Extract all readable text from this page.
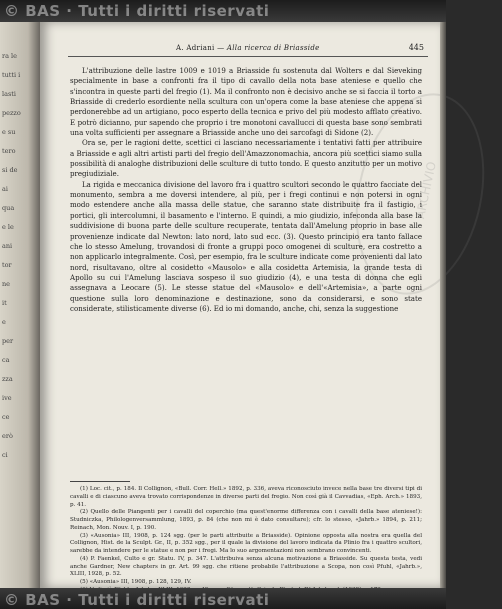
© BAS · Tutti i diritti riservati
ra le
tutti i
lasti
pezzo
e su
tero
si de
ai
qua
e le
ani
tor
ne
it
e
per
ca
zza
ive
ce
erò
ci
A. Adriani — Alla ricerca di Briasside	445
ARCHIVIO

L'attribuzione delle lastre 1009 e 1019 a Briasside fu sostenuta dal Wolters e dal Sieveking specialmente in base a confronti fra il tipo di cavallo della nota base ateniese e quello che s'incontra in queste parti del fregio (1). Ma il confronto non è decisivo anche se si faccia il torto a Briasside di crederlo esordiente nella scultura con un'opera come la base ateniese che appena si perdonerebbe ad un artigiano, poco esperto della tecnica e privo del più modesto afflato creativo. E potrò dicianno, pur sapendo che proprio i tre monotoni cavallucci di questa base sono sembrati una volta sufficienti per assegnare a Briasside anche uno dei sarcofagi di Sidone (2).

Ora se, per le ragioni dette, scettici ci lasciano necessariamente i tentativi fatti per attribuire a Briasside e agli altri artisti parti del fregio dell'Amazzonomachia, ancora più scettici siamo sulla possibilità di analoghe distribuzioni delle sculture di tutto tondo. E questo anzitutto per un motivo pregiudiziale.

La rigida e meccanica divisione del lavoro fra i quattro scultori secondo le quattro facciate del monumento, sembra a me doversi intendere, al più, per i fregi continui e non potersi in ogni modo estendere anche alla massa delle statue, che saranno state distribuite fra il fastigio, i portici, gli intercolumni, il basamento e l'interno. E quindi, a mio giudizio, infeconda alla base la suddivisione di buona parte delle sculture recuperate, tentata dall'Amelung proprio in base alle provenienze indicate dal Newton: lato nord, lato sud ecc. (3). Questo principio era tanto fallace che lo stesso Amelung, trovandosi di fronte a gruppi poco omogenei di sculture, era costretto a non applicarlo integralmente. Così, per esempio, fra le sculture indicate come provenienti dal lato nord, risultavano, oltre al cosidetto «Mausolo» e alla cosidetta Artemisia, la grande testa di Apollo su cui l'Amelung lasciava sospeso il suo giudizio (4), e una testa di donna che egli assegnava a Leocare (5). Le stesse statue del «Mausolo» e dell'«Artemisia», a parte ogni questione sulla loro denominazione e destinazione, sono da considerarsi, e sono state considerate, stilisticamente diverse (6). Ed io mi domando, anche, chi, senza la suggestione

(1) Loc. cit., p. 184. Il Collignon, «Bull. Corr. Hell.» 1892, p. 336, aveva riconosciuto invece nella base tre diversi tipi di cavalli e di ciascuno aveva trovato corrispondenze in diverse parti del fregio. Non così già il Cavvadias, «Eph. Arch.» 1893, p. 41.

(2) Quello delle Piangenti per i cavalli del coperchio (ma quest'enorme differenza con i cavalli della base ateniese!): Studniczka, Philologenversammlung, 1893, p. 84 (che non mi è dato consultare); cfr. lo stesso, «Jahrb.» 1894, p. 211; Reinach, Mon. Nouv. I, p. 190.

(3) «Ausonia» III, 1908, p. 124 sgg. (per le parti attribuite a Briasside). Opinione opposta alla nostra era quella del Collignon, Hist. de la Sculpt. Gr., II, p. 352 sgg., per il quale la divisione del lavoro indicata da Plinio fra i quattro scultori, sarebbe da intendere per le statue e non per i fregi. Ma lo suo argomentazioni non sembrano convincenti.

(4) P. Faenkel, Culto e gr. Statu. IV, p. 347. L'attribuiva senza alcuna motivazione a Briasside. Su questa testa, vedi anche Gardner, New chapters in gr. Art. 99 sgg. che ritiene probabile l'attribuzione a Scopa, non così Pfuhl, «Jahrb.», XLIII, 1928, p. 52.

(5) «Ausonia» III, 1908, p. 128, 129, IV.

© BAS · Tutti i diritti riservati
